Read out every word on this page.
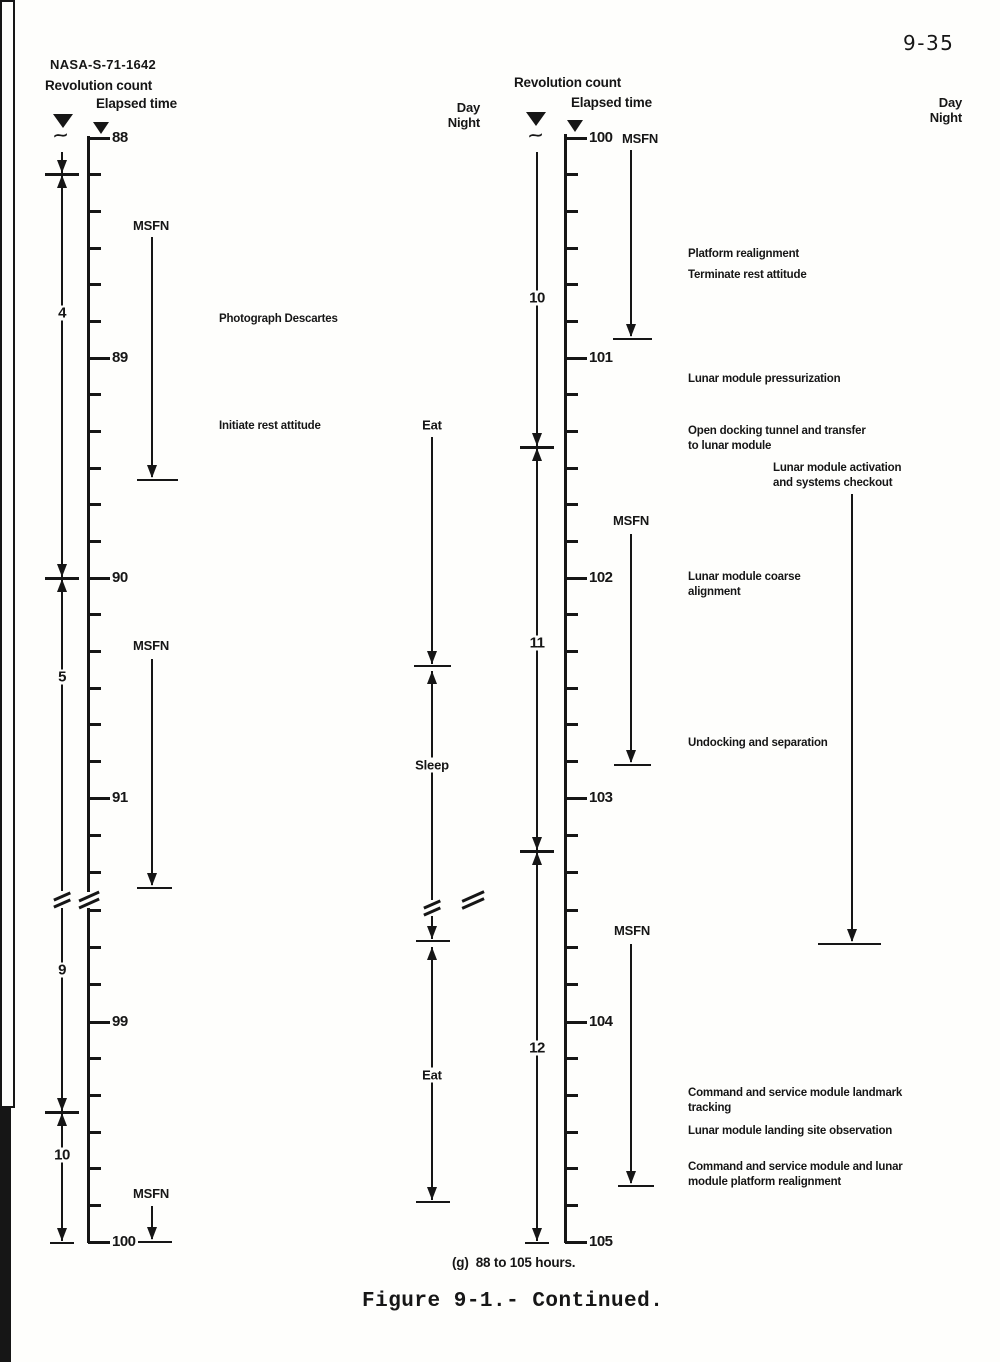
9-35
NASA-S-71-1642
(g)  88 to 105 hours.
Figure 9-1.- Continued.
88
89
90
91
99
100
Day
Night
~
4
5
9
10
MSFN
MSFN
MSFN
Photograph Descartes
Initiate rest attitude	Eat
Sleep
Eat
Revolution count
Elapsed time
100
101
102
103
104
105
Day
Night
~
10
11
12
MSFN
MSFN
MSFN
Platform realignment
Terminate rest attitude
Lunar module pressurization
Open docking tunnel and transfer
to lunar module
Lunar module activation
and systems checkout
Lunar module coarse
alignment
Undocking and separation
Command and service module landmark
tracking
Lunar module landing site observation
Command and service module and lunar
module platform realignment
Revolution count
Elapsed time
